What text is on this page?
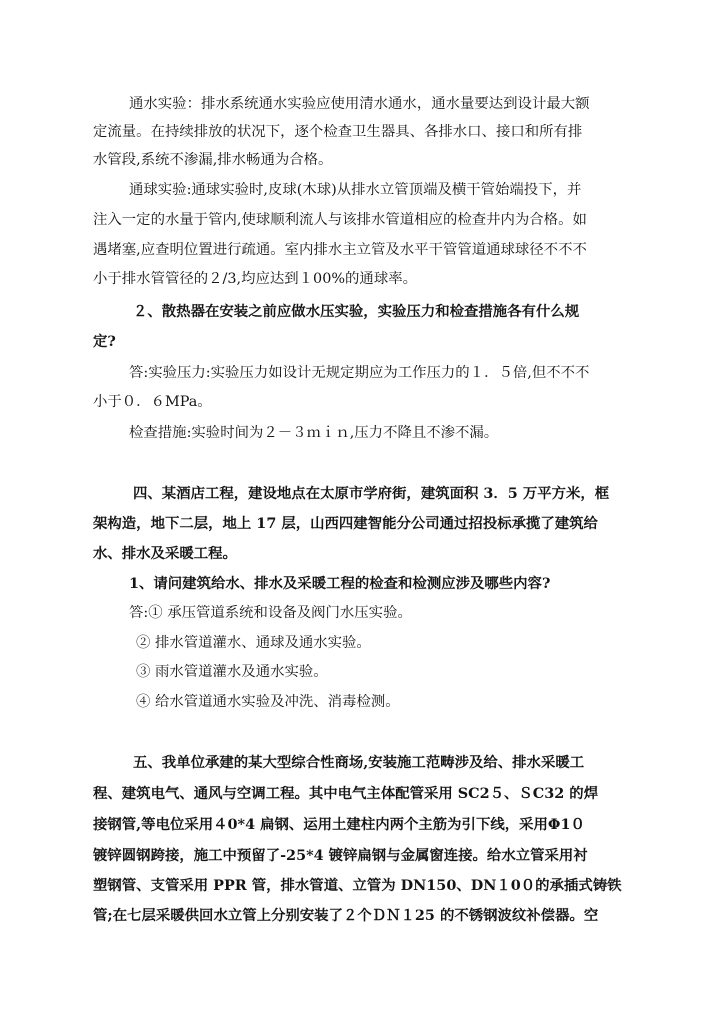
通水实验：排水系统通水实验应使用清水通水，通水量要达到设计最大额
定流量。在持续排放的状况下，逐个检查卫生器具、各排水口、接口和所有排
水管段,系统不渗漏,排水畅通为合格。
通球实验:通球实验时,皮球(木球)从排水立管顶端及横干管始端投下，并
注入一定的水量于管内,使球顺利流人与该排水管道相应的检查井内为合格。如
遇堵塞,应查明位置进行疏通。室内排水主立管及水平干管管道通球球径不不不
小于排水管管径的２/3,均应达到１00%的通球率。
２、散热器在安装之前应做水压实验，实验压力和检查措施各有什么规
定?
答:实验压力:实验压力如设计无规定期应为工作压力的１．５倍,但不不不
小于０．６MPa。
检查措施:实验时间为２－３ｍｉｎ,压力不降且不渗不漏。
四、某酒店工程，建设地点在太原市学府街，建筑面积 3．5 万平方米，框
架构造，地下二层，地上 17 层，山西四建智能分公司通过招投标承揽了建筑给
水、排水及采暖工程。
1、请问建筑给水、排水及采暖工程的检查和检测应涉及哪些内容?
答:① 承压管道系统和设备及阀门水压实验。
② 排水管道灌水、通球及通水实验。
③ 雨水管道灌水及通水实验。
④ 给水管道通水实验及冲洗、消毒检测。
五、我单位承建的某大型综合性商场,安装施工范畴涉及给、排水采暖工
程、建筑电气、通风与空调工程。其中电气主体配管采用 SC2５、ＳC32 的焊
接钢管,等电位采用４0*4 扁钢、运用土建柱内两个主筋为引下线，采用Φ1０
镀锌圆钢跨接，施工中预留了-25*4 镀锌扁钢与金属窗连接。给水立管采用衬
塑钢管、支管采用 PPR 管，排水管道、立管为 DN150、DN１0０的承插式铸铁
管;在七层采暖供回水立管上分别安装了２个ＤＮ１25 的不锈钢波纹补偿器。空
